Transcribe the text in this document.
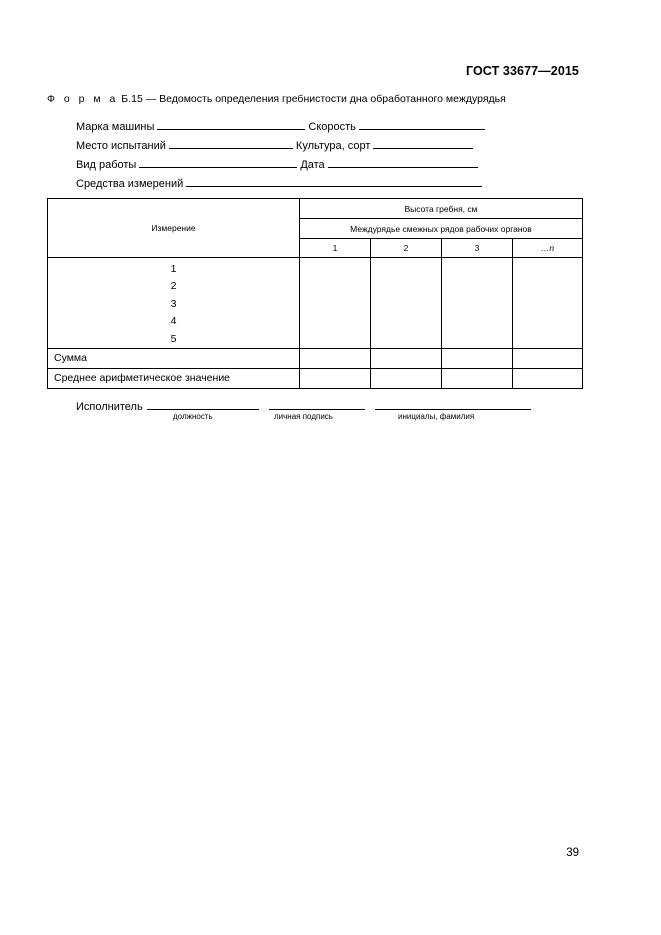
ГОСТ 33677—2015
Ф о р м а Б.15 — Ведомость определения гребнистости дна обработанного междурядья
Марка машины	Скорость
Место испытаний	Культура, сорт
Вид работы	Дата
Средства измерений
Измерение	Высота гребня, см			
	Междурядье смежных рядов рабочих органов			
	1	2	3	…n

1
2
3
4
5				

Сумма				
Среднее арифметическое значение				
Исполнитель
должность	личная подпись	инициалы, фамилия
39
